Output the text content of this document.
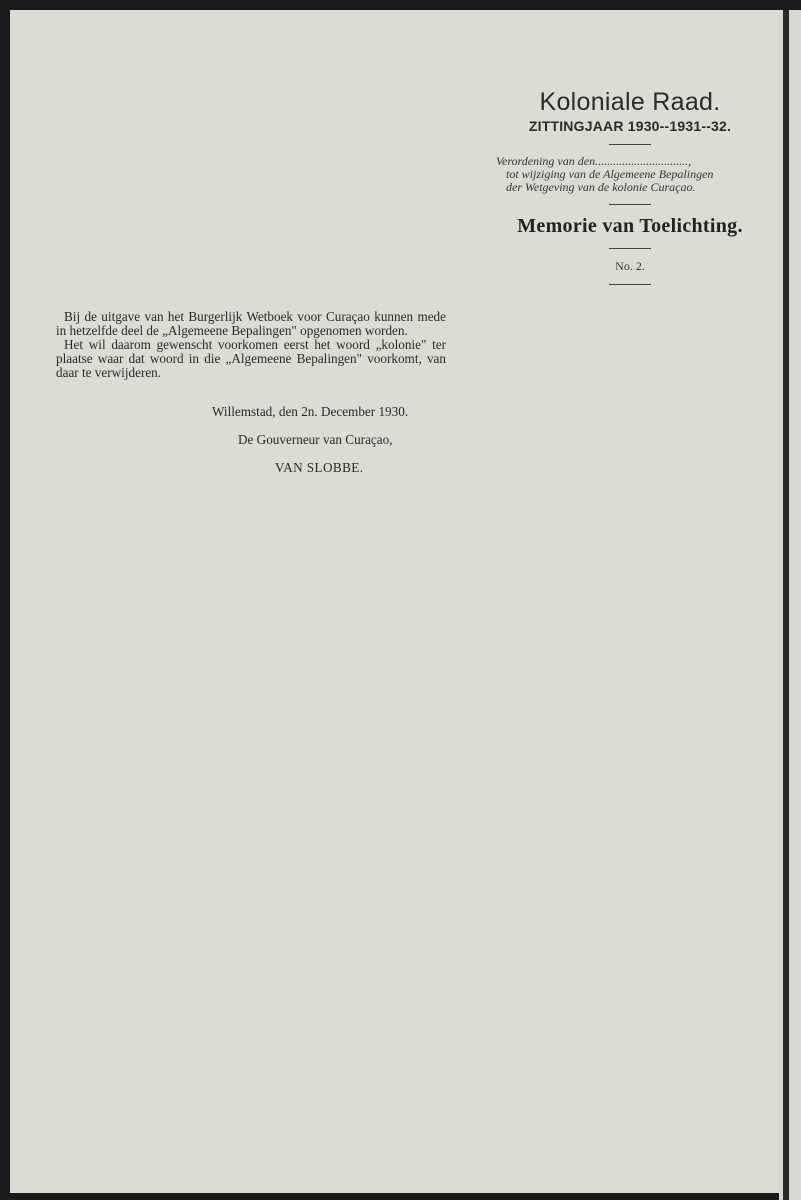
Koloniale Raad.
ZITTINGJAAR 1930--1931--32.
Verordening van den...............................,
tot wijziging van de Algemeene Bepalingen
der Wetgeving van de kolonie Curaçao.
Memorie van Toelichting.
No. 2.

Bij de uitgave van het Burgerlijk Wetboek voor Curaçao kunnen mede in hetzelfde deel de „Algemeene Bepalingen" opgenomen worden.

Het wil daarom gewenscht voorkomen eerst het woord „kolonie" ter plaatse waar dat woord in die „Algemeene Bepalingen" voorkomt, van daar te verwijderen.

Willemstad, den 2n. December 1930.
De Gouverneur van Curaçao,
VAN SLOBBE.
